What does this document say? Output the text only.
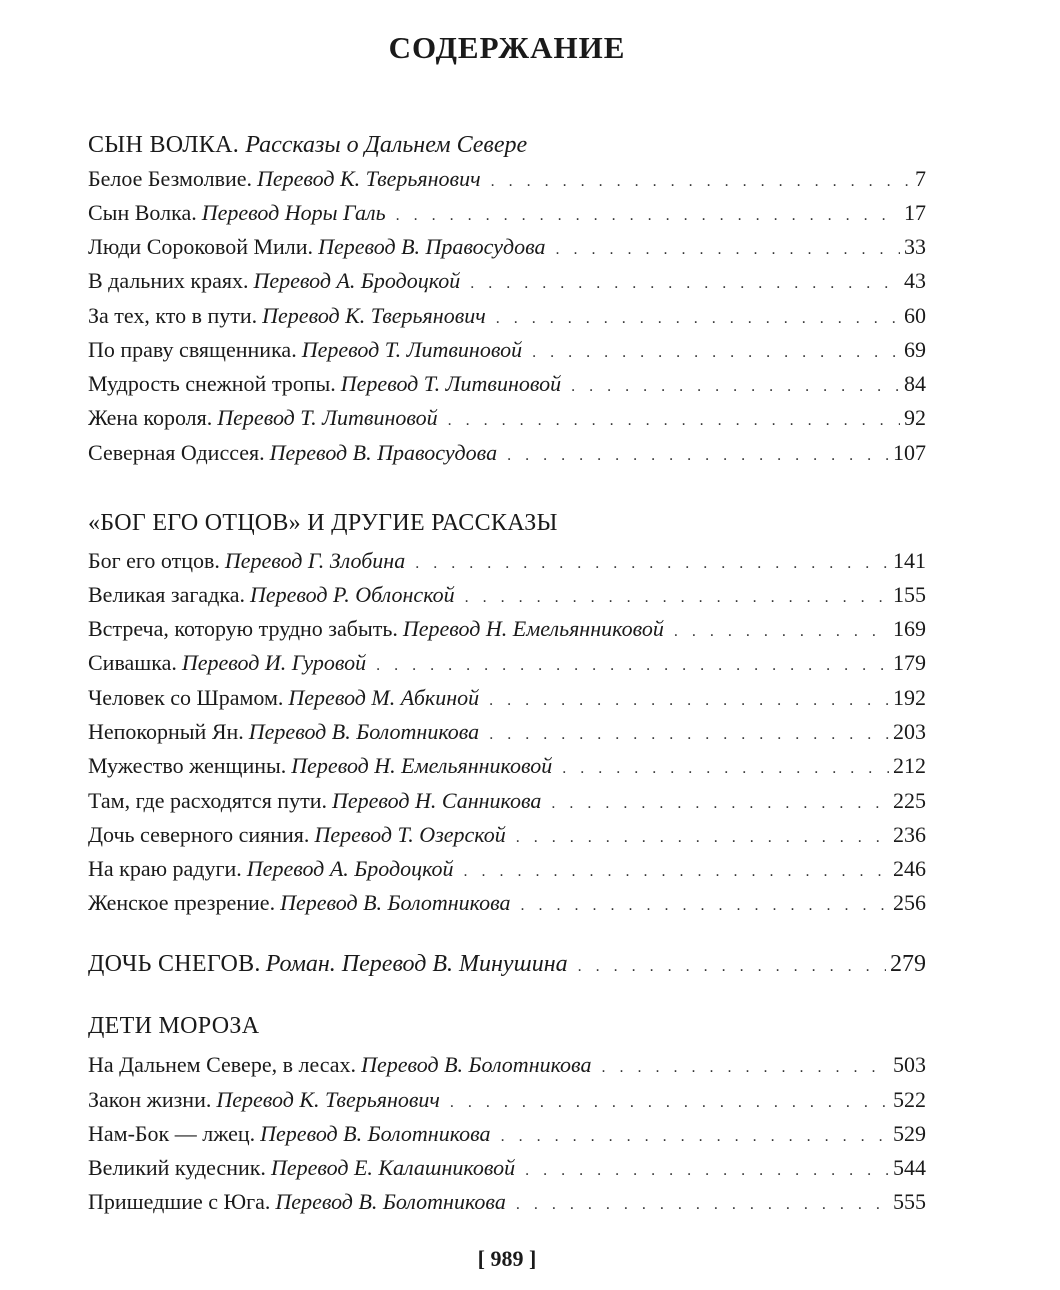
СОДЕРЖАНИЕ
СЫН ВОЛКА. Рассказы о Дальнем Севере
Белое Безмолвие. Перевод К. Тверьянович . . .	7
Сын Волка. Перевод Норы Галь . . .	17
Люди Сороковой Мили. Перевод В. Правосудова . . .	33
В дальних краях. Перевод А. Бродоцкой . . .	43
За тех, кто в пути. Перевод К. Тверьянович . . .	60
По праву священника. Перевод Т. Литвиновой . . .	69
Мудрость снежной тропы. Перевод Т. Литвиновой . . .	84
Жена короля. Перевод Т. Литвиновой . . .	92
Северная Одиссея. Перевод В. Правосудова . . .	107
«БОГ ЕГО ОТЦОВ» И ДРУГИЕ РАССКАЗЫ
Бог его отцов. Перевод Г. Злобина . . .	141
Великая загадка. Перевод Р. Облонской . . .	155
Встреча, которую трудно забыть. Перевод Н. Емельянниковой . . .	169
Сивашка. Перевод И. Гуровой . . .	179
Человек со Шрамом. Перевод М. Абкиной . . .	192
Непокорный Ян. Перевод В. Болотникова . . .	203
Мужество женщины. Перевод Н. Емельянниковой . . .	212
Там, где расходятся пути. Перевод Н. Санникова . . .	225
Дочь северного сияния. Перевод Т. Озерской . . .	236
На краю радуги. Перевод А. Бродоцкой . . .	246
Женское презрение. Перевод В. Болотникова . . .	256
ДОЧЬ СНЕГОВ. Роман. Перевод В. Минушина . . .	279
ДЕТИ МОРОЗА
На Дальнем Севере, в лесах. Перевод В. Болотникова . . .	503
Закон жизни. Перевод К. Тверьянович . . .	522
Нам-Бок — лжец. Перевод В. Болотникова . . .	529
Великий кудесник. Перевод Е. Калашниковой . . .	544
Пришедшие с Юга. Перевод В. Болотникова . . .	555
[ 989 ]
